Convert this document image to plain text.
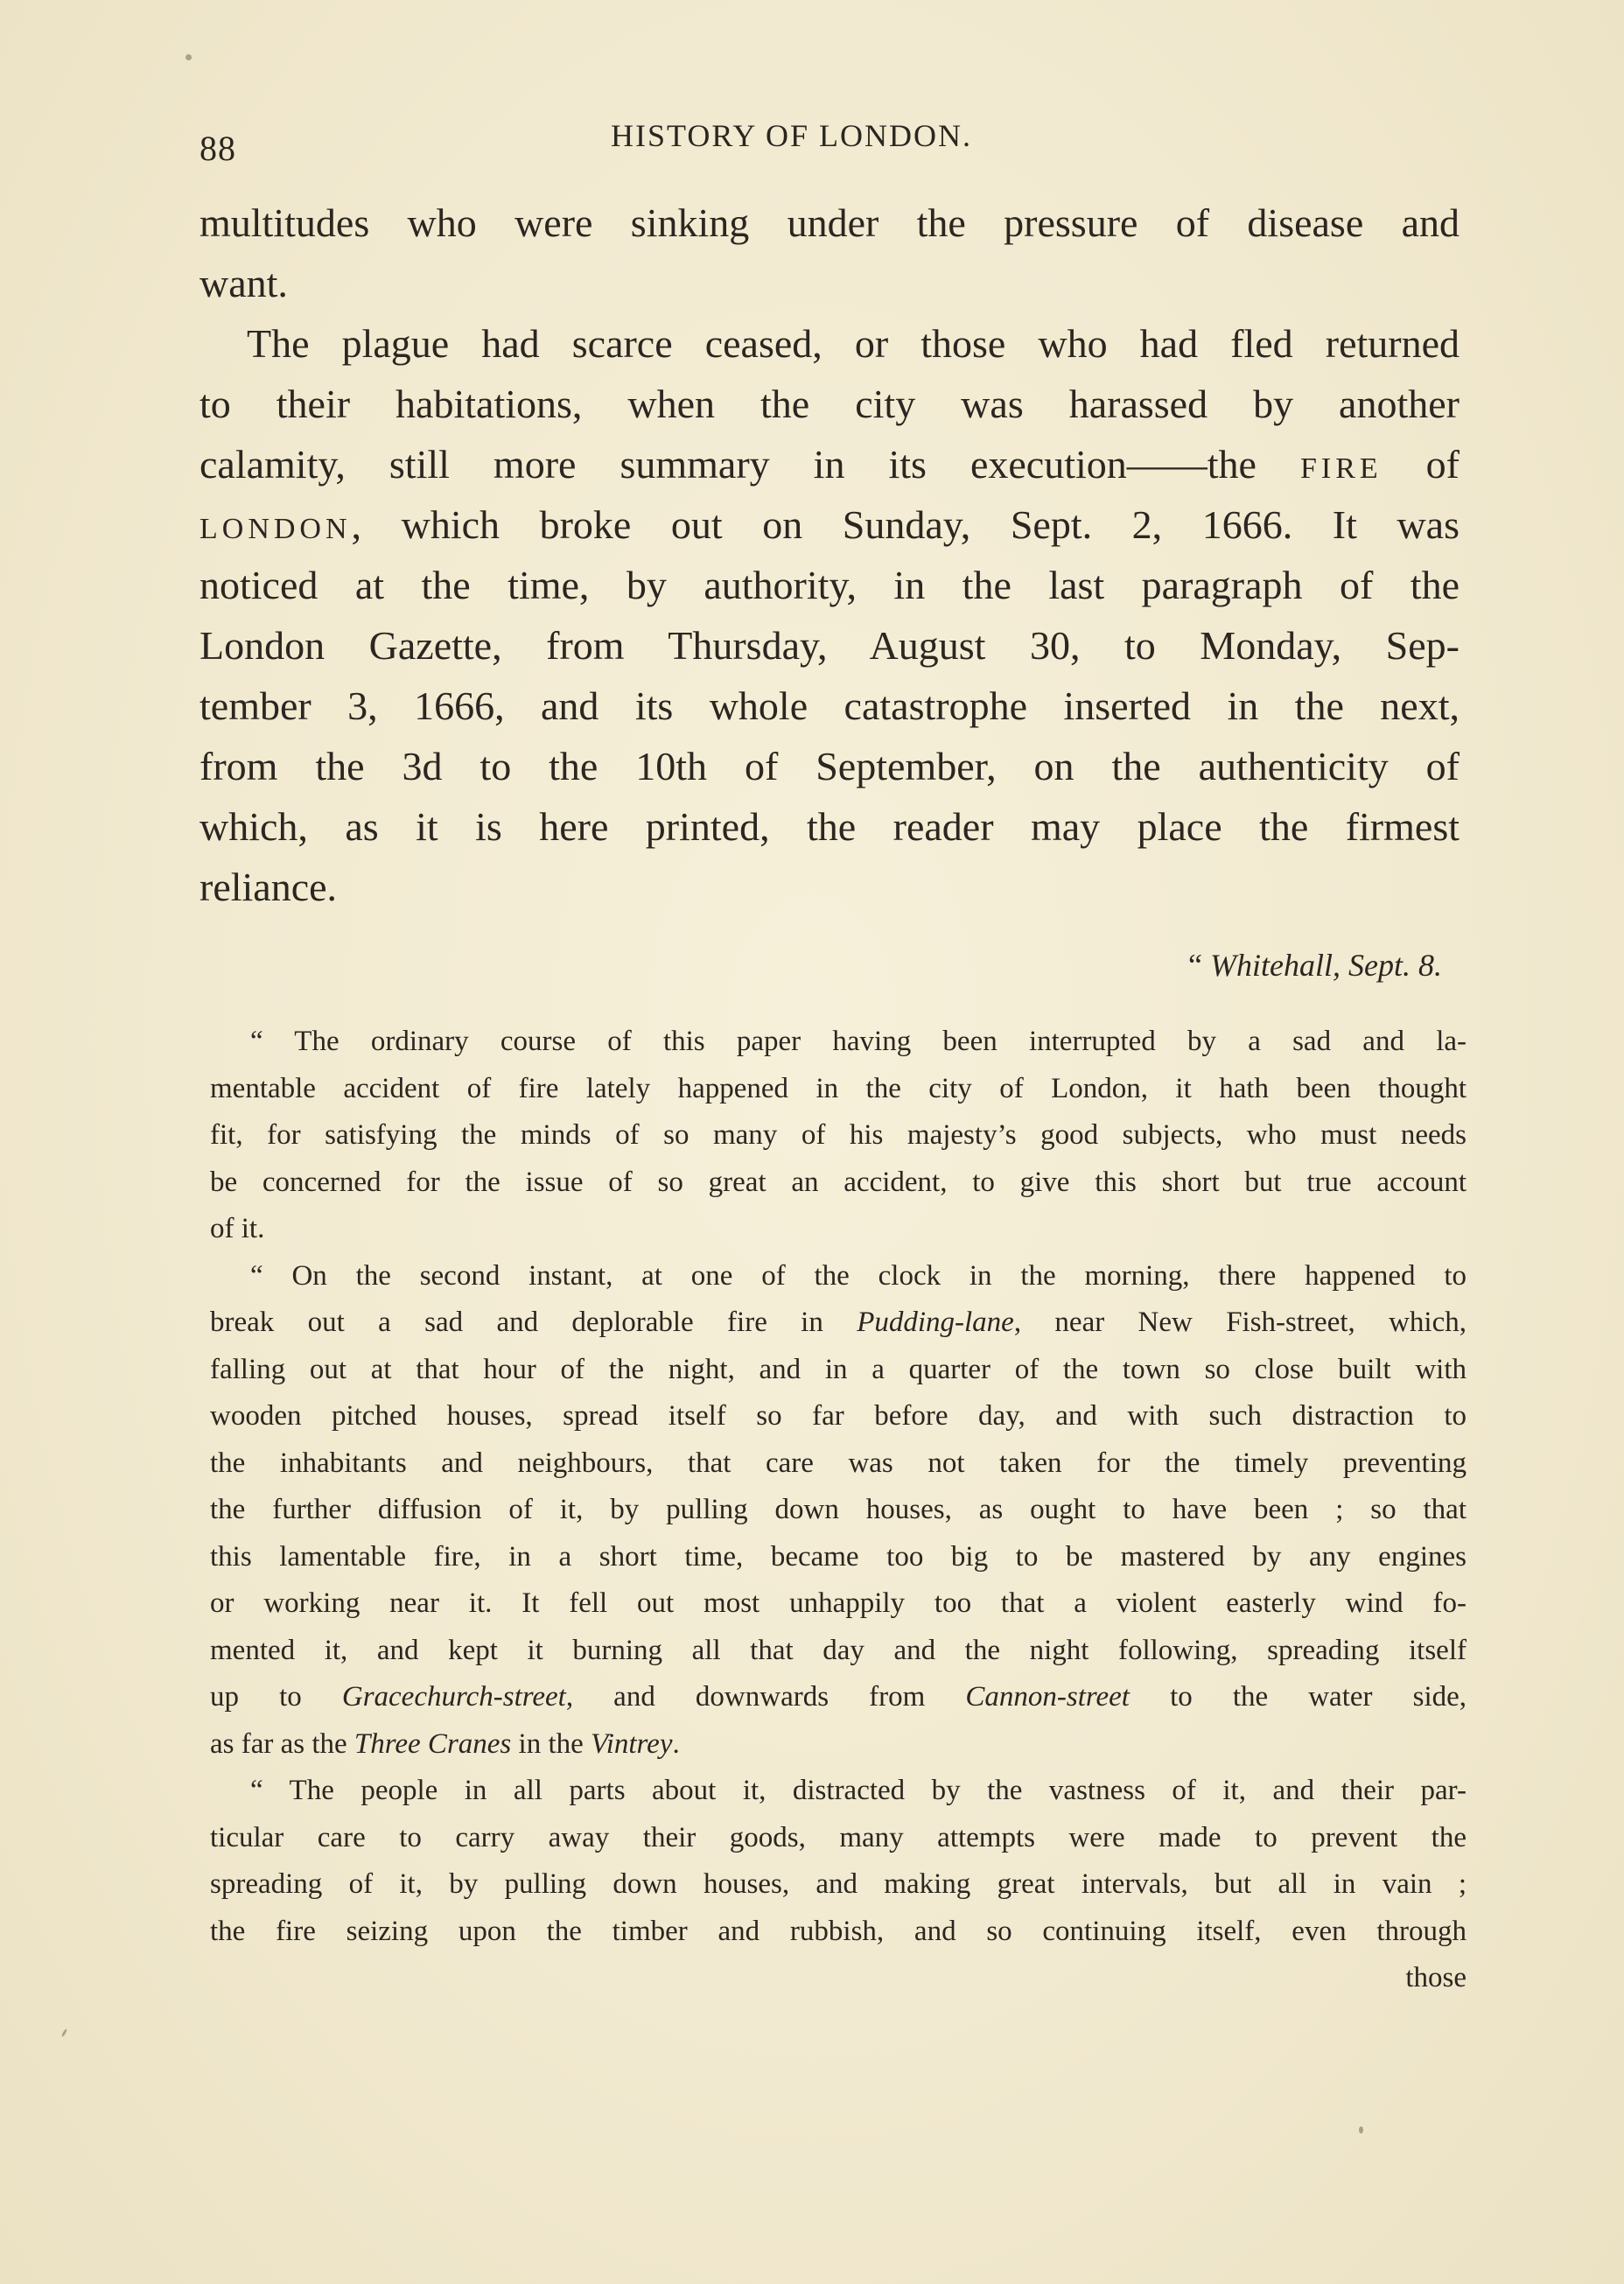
88	HISTORY OF LONDON.
multitudes who were sinking under the pressure of disease and
want.
The plague had scarce ceased, or those who had fled returned
to their habitations, when the city was harassed by another
calamity, still more summary in its execution——the FIRE of
LONDON, which broke out on Sunday, Sept. 2, 1666. It was
noticed at the time, by authority, in the last paragraph of the
London Gazette, from Thursday, August 30, to Monday, Sep-
tember 3, 1666, and its whole catastrophe inserted in the next,
from the 3d to the 10th of September, on the authenticity of
which, as it is here printed, the reader may place the firmest
reliance.
“ Whitehall, Sept. 8.
“ The ordinary course of this paper having been interrupted by a sad and la-
mentable accident of fire lately happened in the city of London, it hath been thought
fit, for satisfying the minds of so many of his majesty’s good subjects, who must needs
be concerned for the issue of so great an accident, to give this short but true account
of it.
“ On the second instant, at one of the clock in the morning, there happened to
break out a sad and deplorable fire in Pudding-lane, near New Fish-street, which,
falling out at that hour of the night, and in a quarter of the town so close built with
wooden pitched houses, spread itself so far before day, and with such distraction to
the inhabitants and neighbours, that care was not taken for the timely preventing
the further diffusion of it, by pulling down houses, as ought to have been ; so that
this lamentable fire, in a short time, became too big to be mastered by any engines
or working near it. It fell out most unhappily too that a violent easterly wind fo-
mented it, and kept it burning all that day and the night following, spreading itself
up to Gracechurch-street, and downwards from Cannon-street to the water side,
as far as the Three Cranes in the Vintrey.
“ The people in all parts about it, distracted by the vastness of it, and their par-
ticular care to carry away their goods, many attempts were made to prevent the
spreading of it, by pulling down houses, and making great intervals, but all in vain ;
the fire seizing upon the timber and rubbish, and so continuing itself, even through
those
